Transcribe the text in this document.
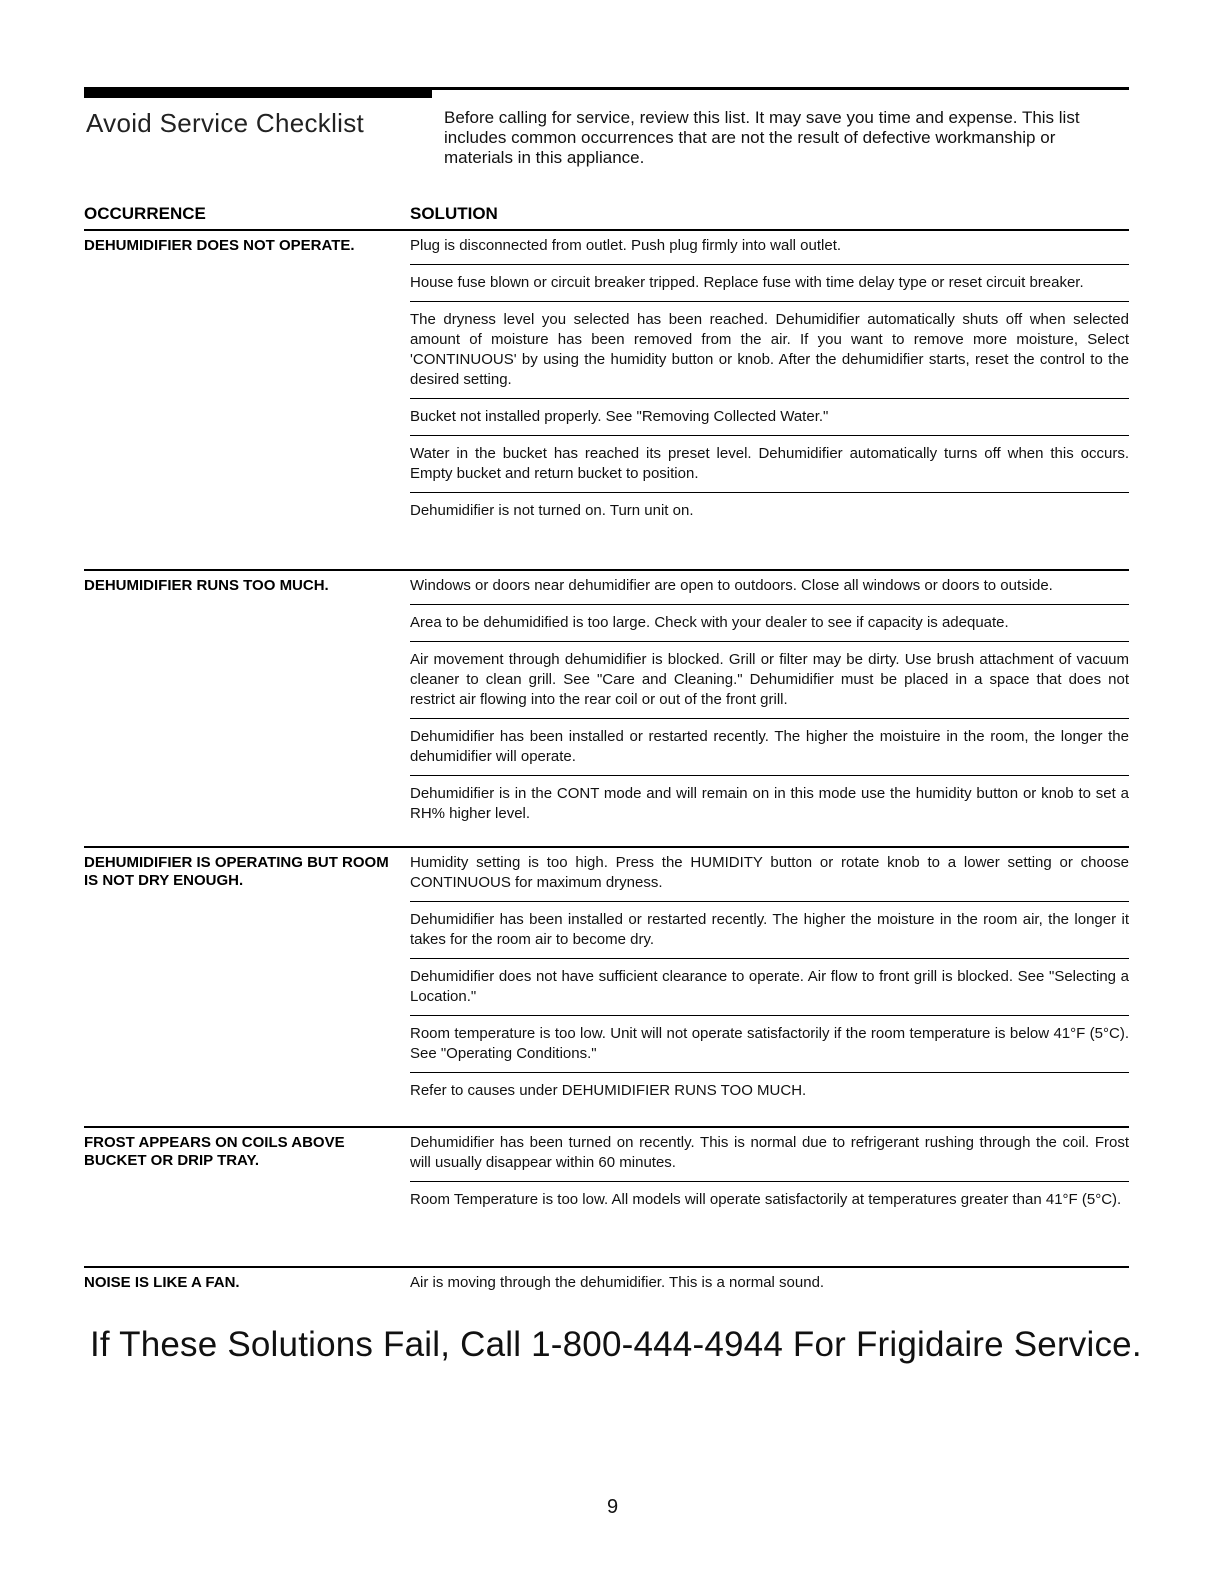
Avoid Service Checklist	Before calling for service, review this list. It may save you time and expense. This list includes common occurrences that are not the result of defective workmanship or materials in this appliance.

OCCURRENCE	SOLUTION
DEHUMIDIFIER DOES NOT OPERATE.	Plug is disconnected from outlet. Push plug firmly into wall outlet.
House fuse blown or circuit breaker tripped. Replace fuse with time delay type or reset circuit breaker.
The dryness level you selected has been reached. Dehumidifier automatically shuts off when selected amount of moisture has been removed from the air. If you want to remove more moisture, Select 'CONTINUOUS' by using the humidity button or knob. After the dehumidifier starts, reset the control to the desired setting.
Bucket not installed properly. See "Removing Collected Water."
Water in the bucket has reached its preset level. Dehumidifier automatically turns off when this occurs. Empty bucket and return bucket to position.
Dehumidifier is not turned on. Turn unit on.
DEHUMIDIFIER RUNS TOO MUCH.	Windows or doors near dehumidifier are open to outdoors. Close all windows or doors to outside.
Area to be dehumidified is too large. Check with your dealer to see if capacity is adequate.
Air movement through dehumidifier is blocked. Grill or filter may be dirty. Use brush attachment of vacuum cleaner to clean grill. See "Care and Cleaning." Dehumidifier must be placed in a space that does not restrict air flowing into the rear coil or out of the front grill.
Dehumidifier has been installed or restarted recently. The higher the moistuire in the room, the longer the dehumidifier will operate.
Dehumidifier is in the CONT mode and will remain on in this mode use the humidity button or knob to set a RH% higher level.
DEHUMIDIFIER IS OPERATING BUT ROOM IS NOT DRY ENOUGH.
Humidity setting is too high. Press the HUMIDITY button or rotate knob to a lower setting or choose CONTINUOUS for maximum dryness.
Dehumidifier has been installed or restarted recently. The higher the moisture in the room air, the longer it takes for the room air to become dry.
Dehumidifier does not have sufficient clearance to operate. Air flow to front grill is blocked. See "Selecting a Location."
Room temperature is too low. Unit will not operate satisfactorily if the room temperature is below 41°F (5°C). See "Operating Conditions."
Refer to causes under DEHUMIDIFIER RUNS TOO MUCH.
FROST APPEARS ON COILS ABOVE BUCKET OR DRIP TRAY.
Dehumidifier has been turned on recently. This is normal due to refrigerant rushing through the coil. Frost will usually disappear within 60 minutes.
Room Temperature is too low. All models will operate satisfactorily at temperatures greater than 41°F (5°C).
NOISE IS LIKE A FAN.	Air is moving through the dehumidifier. This is a normal sound.
If These Solutions Fail, Call 1-800-444-4944 For Frigidaire Service.
9
